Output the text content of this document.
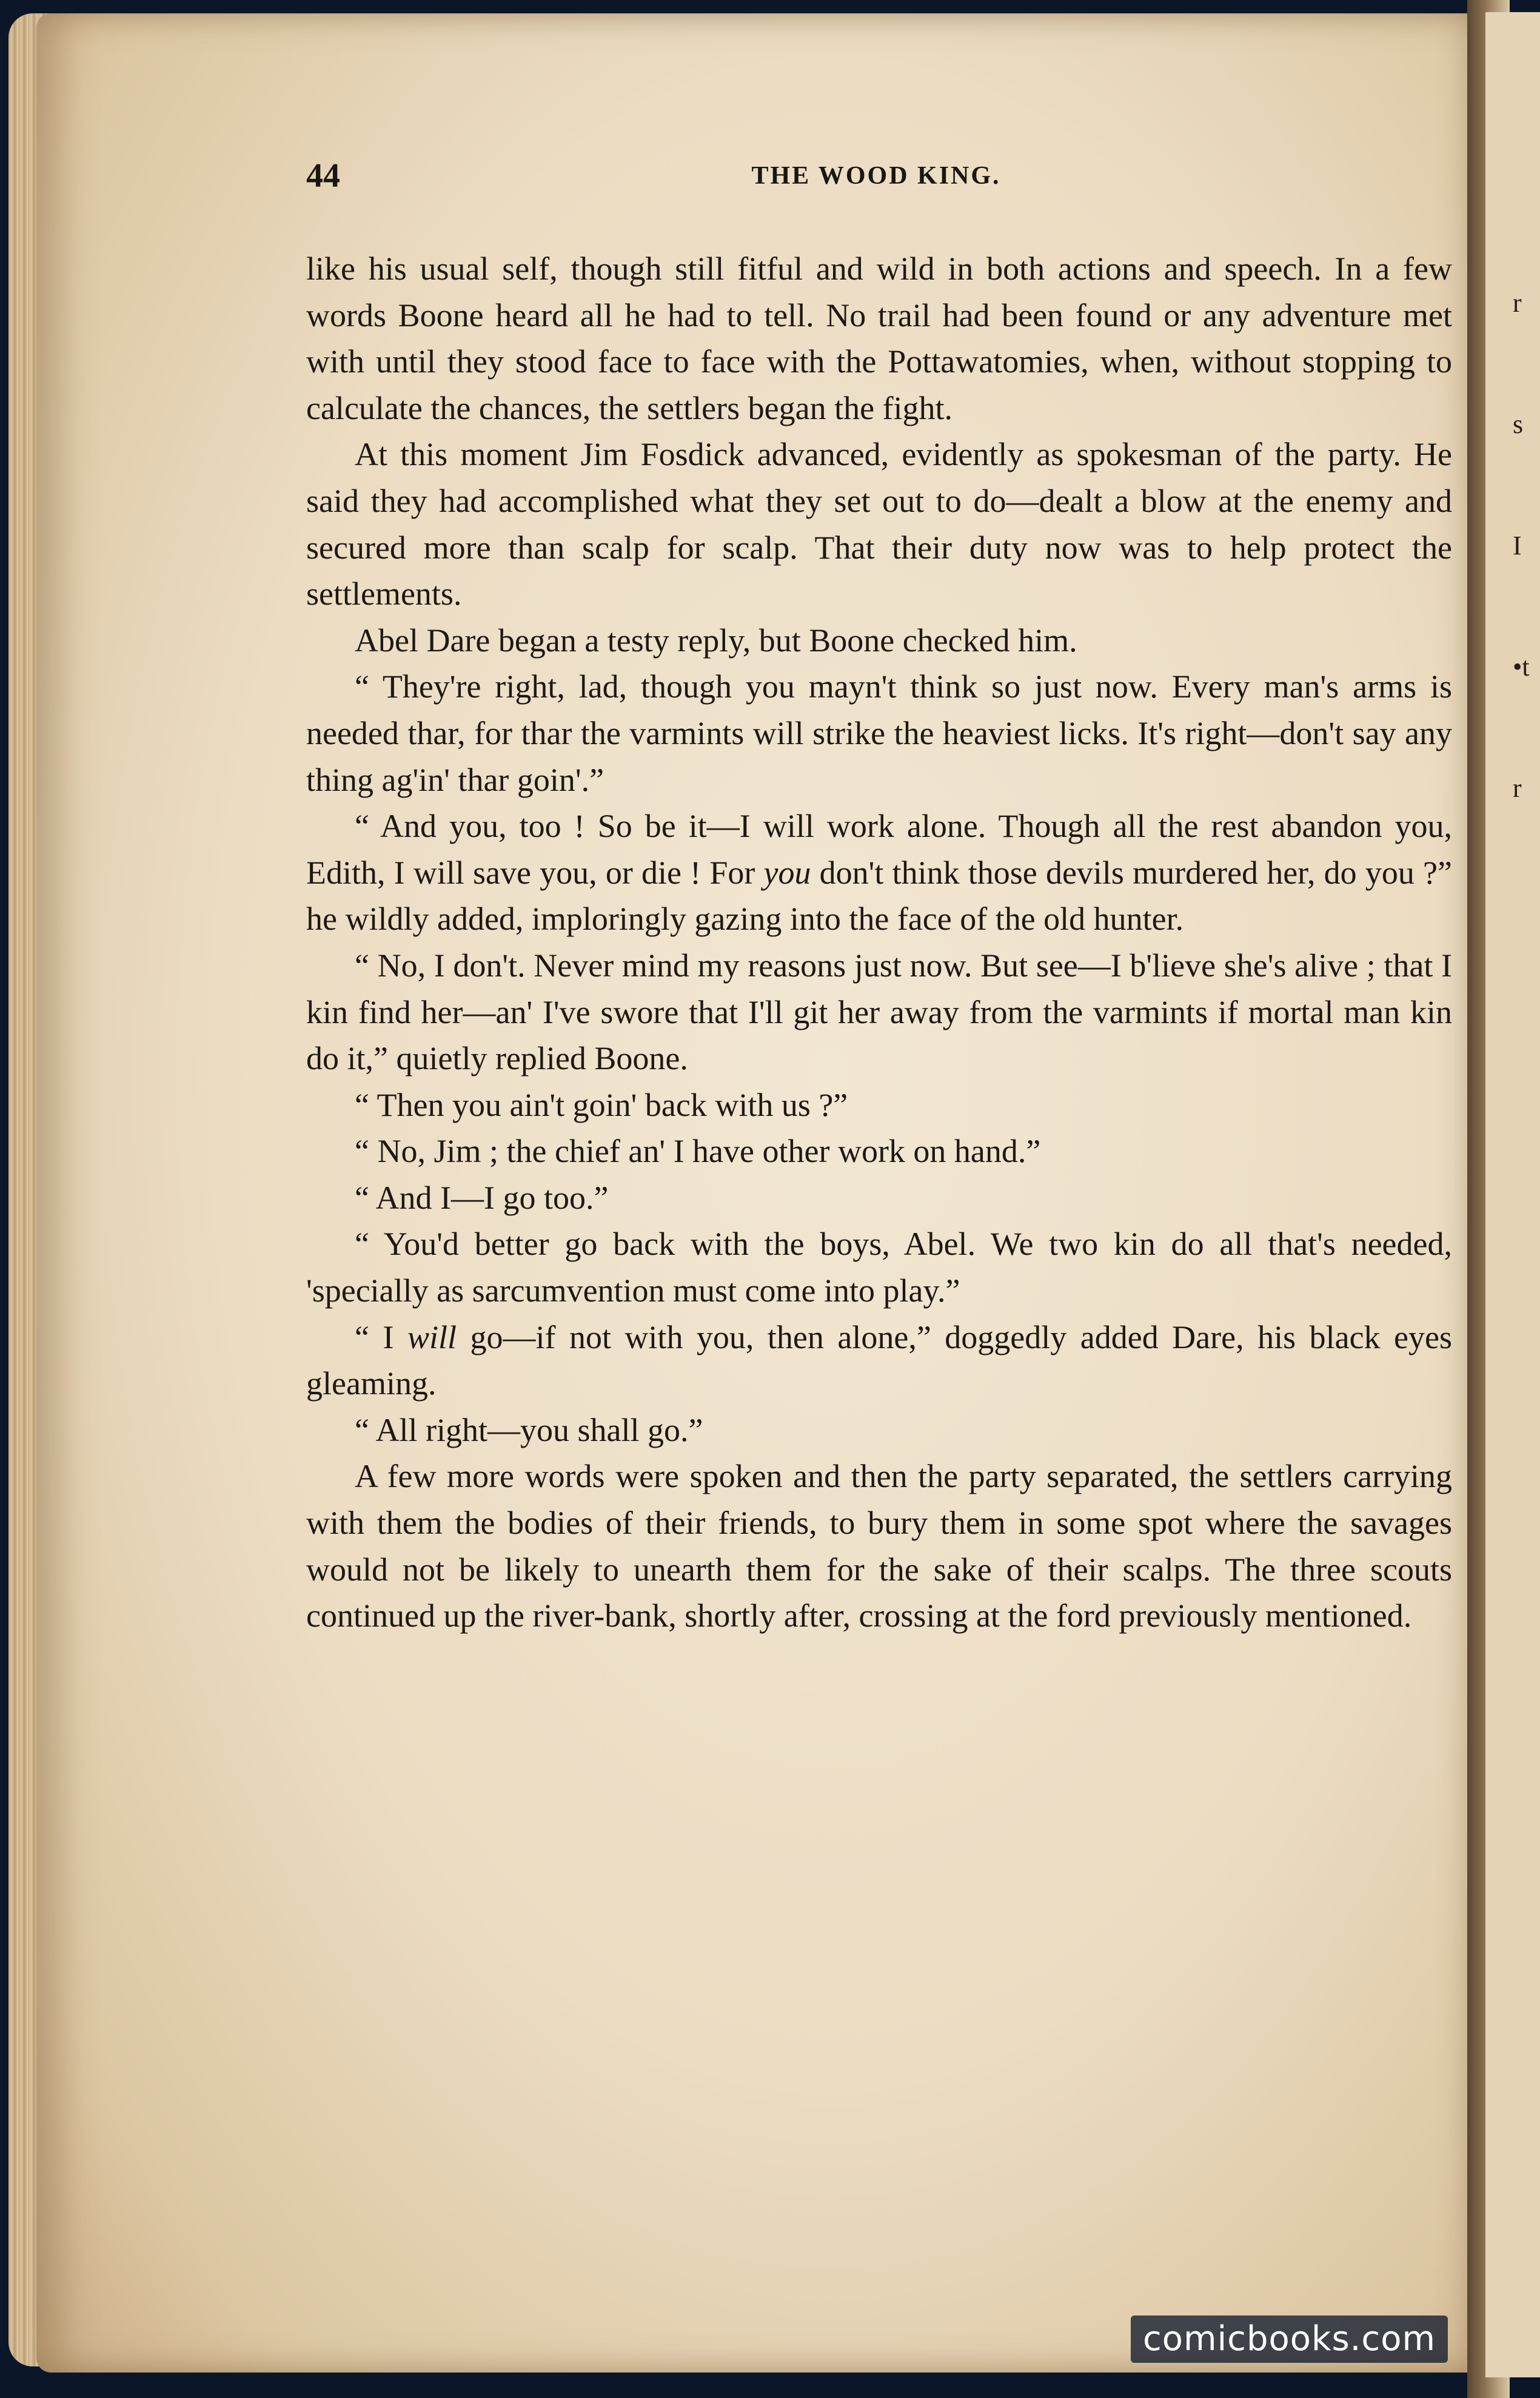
r
s
I
•t
r
44	THE WOOD KING.

like his usual self, though still fitful and wild in both actions and speech. In a few words Boone heard all he had to tell. No trail had been found or any adventure met with until they stood face to face with the Pottawatomies, when, without stopping to calculate the chances, the settlers began the fight.

At this moment Jim Fosdick advanced, evidently as spokesman of the party. He said they had accomplished what they set out to do—dealt a blow at the enemy and secured more than scalp for scalp. That their duty now was to help protect the settlements.

Abel Dare began a testy reply, but Boone checked him.

“ They're right, lad, though you mayn't think so just now. Every man's arms is needed thar, for thar the varmints will strike the heaviest licks. It's right—don't say any thing ag'in' thar goin'.”

“ And you, too ! So be it—I will work alone. Though all the rest abandon you, Edith, I will save you, or die ! For you don't think those devils murdered her, do you ?” he wildly added, imploringly gazing into the face of the old hunter.

“ No, I don't. Never mind my reasons just now. But see—I b'lieve she's alive ; that I kin find her—an' I've swore that I'll git her away from the varmints if mortal man kin do it,” quietly replied Boone.

“ Then you ain't goin' back with us ?”

“ No, Jim ; the chief an' I have other work on hand.”

“ And I—I go too.”

“ You'd better go back with the boys, Abel. We two kin do all that's needed, 'specially as sarcumvention must come into play.”

“ I will go—if not with you, then alone,” doggedly added Dare, his black eyes gleaming.

“ All right—you shall go.”

A few more words were spoken and then the party separated, the settlers carrying with them the bodies of their friends, to bury them in some spot where the savages would not be likely to unearth them for the sake of their scalps. The three scouts continued up the river-bank, shortly after, crossing at the ford previously mentioned.

comicbooks.com
